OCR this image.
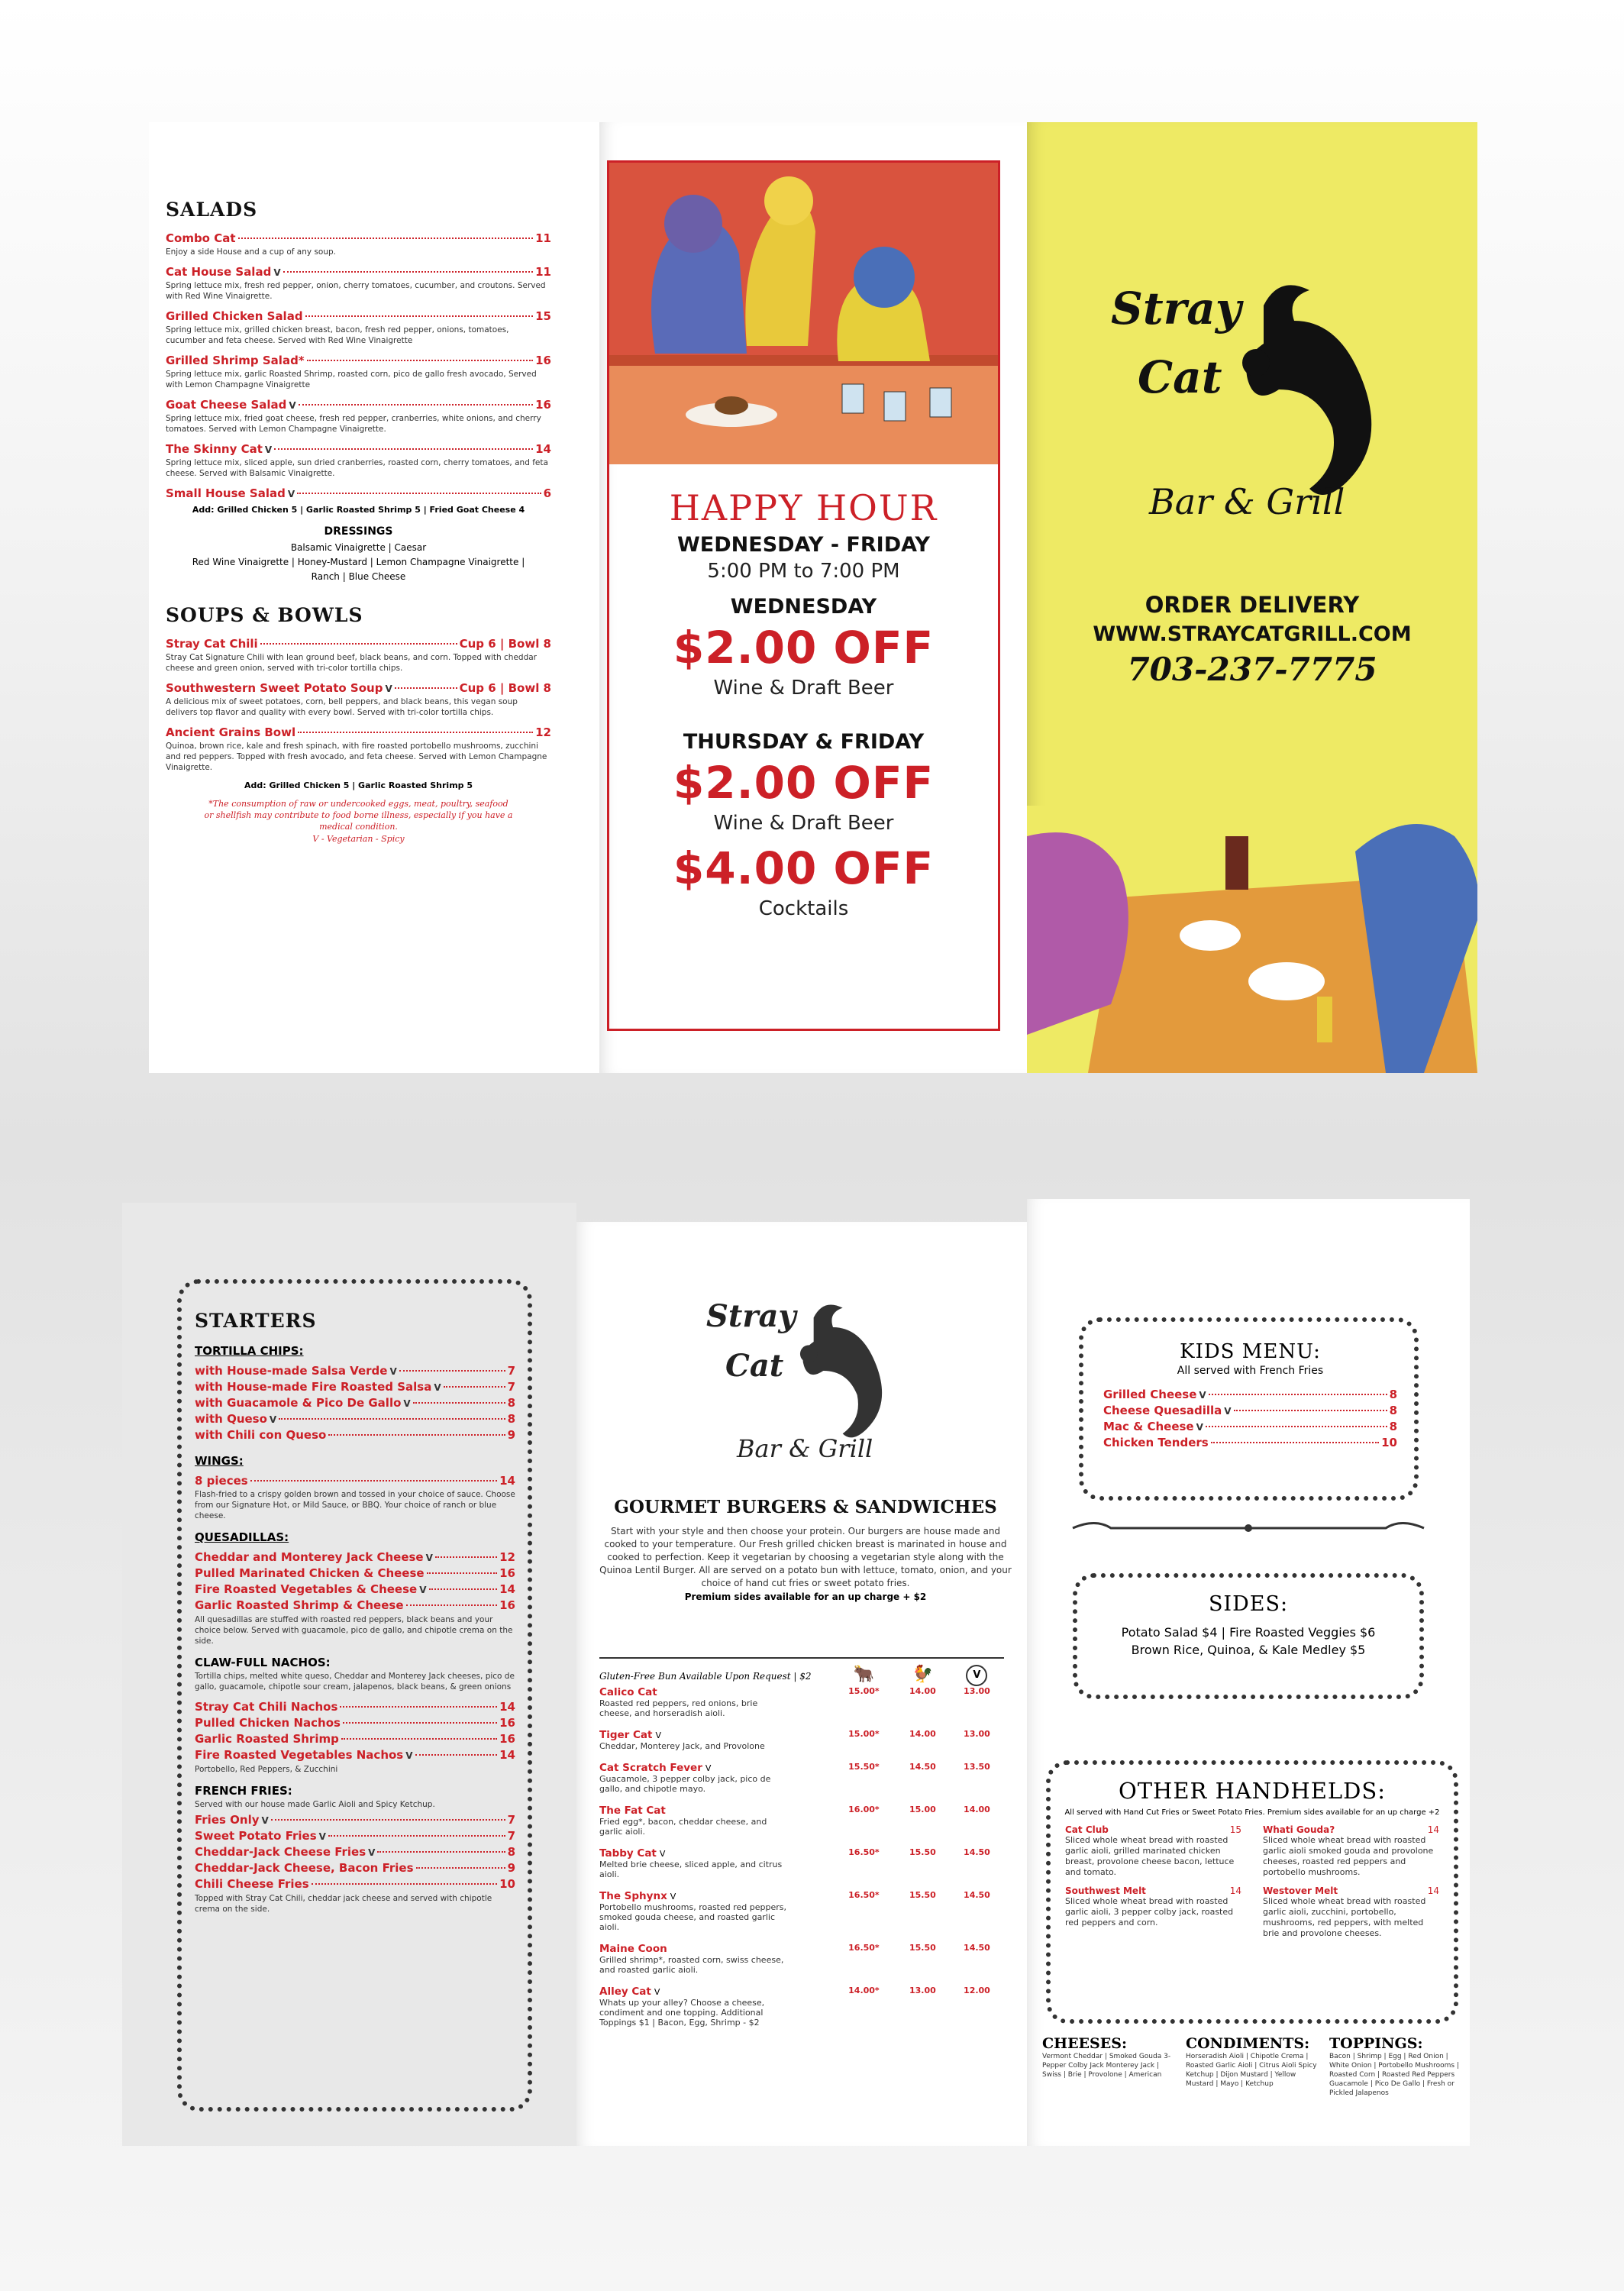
SALADS
Combo Cat	11
Enjoy a side House and a cup of any soup.
Cat House Salad V	11
Spring lettuce mix, fresh red pepper, onion, cherry tomatoes, cucumber, and croutons. Served with Red Wine Vinaigrette.
Grilled Chicken Salad	15
Spring lettuce mix, grilled chicken breast, bacon, fresh red pepper, onions, tomatoes, cucumber and feta cheese. Served with Red Wine Vinaigrette
Grilled Shrimp Salad*	16
Spring lettuce mix, garlic Roasted Shrimp, roasted corn, pico de gallo fresh avocado, Served with Lemon Champagne Vinaigrette
Goat Cheese Salad V	16
Spring lettuce mix, fried goat cheese, fresh red pepper, cranberries, white onions, and cherry tomatoes. Served with Lemon Champagne Vinaigrette.
The Skinny Cat V	14
Spring lettuce mix, sliced apple, sun dried cranberries, roasted corn, cherry tomatoes, and feta cheese. Served with Balsamic Vinaigrette.
Small House Salad V	6
Add: Grilled Chicken 5 | Garlic Roasted Shrimp 5 | Fried Goat Cheese 4
DRESSINGS
Balsamic Vinaigrette | Caesar
Red Wine Vinaigrette | Honey-Mustard | Lemon Champagne Vinaigrette |
Ranch | Blue Cheese
SOUPS & BOWLS
Stray Cat Chili	Cup 6 | Bowl 8
Stray Cat Signature Chili with lean ground beef, black beans, and corn. Topped with cheddar cheese and green onion, served with tri-color tortilla chips.
Southwestern Sweet Potato Soup V	Cup 6 | Bowl 8
A delicious mix of sweet potatoes, corn, bell peppers, and black beans, this vegan soup delivers top flavor and quality with every bowl. Served with tri-color tortilla chips.
Ancient Grains Bowl	12
Quinoa, brown rice, kale and fresh spinach, with fire roasted portobello mushrooms, zucchini and red peppers. Topped with fresh avocado, and feta cheese. Served with Lemon Champagne Vinaigrette.
Add: Grilled Chicken 5 | Garlic Roasted Shrimp 5
*The consumption of raw or undercooked eggs, meat, poultry, seafood or shellfish may contribute to food borne illness, especially if you have a medical condition.
V - Vegetarian - Spicy
HAPPY HOUR
WEDNESDAY - FRIDAY
5:00 PM to 7:00 PM
WEDNESDAY
$2.00 OFF
Wine & Draft Beer
THURSDAY & FRIDAY
$2.00 OFF
Wine & Draft Beer
$4.00 OFF
Cocktails
Stray
Cat
Bar & Grill
ORDER DELIVERY
WWW.STRAYCATGRILL.COM
703-237-7775
STARTERS
TORTILLA CHIPS:
with House-made Salsa Verde V	7
with House-made Fire Roasted Salsa V	7
with Guacamole & Pico De Gallo V	8
with Queso V	8
with Chili con Queso	9
WINGS:
8 pieces	14
Flash-fried to a crispy golden brown and tossed in your choice of sauce. Choose from our Signature Hot, or Mild Sauce, or BBQ. Your choice of ranch or blue cheese.
QUESADILLAS:
Cheddar and Monterey Jack Cheese V	12
Pulled Marinated Chicken & Cheese	16
Fire Roasted Vegetables & Cheese V	14
Garlic Roasted Shrimp & Cheese	16
All quesadillas are stuffed with roasted red peppers, black beans and your choice below. Served with guacamole, pico de gallo, and chipotle crema on the side.
CLAW-FULL NACHOS:
Tortilla chips, melted white queso, Cheddar and Monterey Jack cheeses, pico de gallo, guacamole, chipotle sour cream, jalapenos, black beans, & green onions
Stray Cat Chili Nachos	14
Pulled Chicken Nachos	16
Garlic Roasted Shrimp	16
Fire Roasted Vegetables Nachos V	14
Portobello, Red Peppers, & Zucchini
FRENCH FRIES:
Served with our house made Garlic Aioli and Spicy Ketchup.
Fries Only V	7
Sweet Potato Fries V	7
Cheddar-Jack Cheese Fries V	8
Cheddar-Jack Cheese, Bacon Fries	9
Chili Cheese Fries	10
Topped with Stray Cat Chili, cheddar jack cheese and served with chipotle crema on the side.
Stray
Cat
Bar & Grill
GOURMET BURGERS & SANDWICHES
Start with your style and then choose your protein. Our burgers are house made and cooked to your temperature. Our Fresh grilled chicken breast is marinated in house and cooked to perfection. Keep it vegetarian by choosing a vegetarian style along with the Quinoa Lentil Burger. All are served on a potato bun with lettuce, tomato, onion, and your choice of hand cut fries or sweet potato fries.
Premium sides available for an up charge + $2
Gluten-Free Bun Available Upon Request | $2	🐂	🐓	V
Calico Cat	15.00*	14.00	13.00
Roasted red peppers, red onions, brie cheese, and horseradish aioli.			
Tiger Cat V	15.00*	14.00	13.00
Cheddar, Monterey Jack, and Provolone			
Cat Scratch Fever V	15.50*	14.50	13.50
Guacamole, 3 pepper colby jack, pico de gallo, and chipotle mayo.			
The Fat Cat	16.00*	15.00	14.00
Fried egg*, bacon, cheddar cheese, and garlic aioli.			
Tabby Cat V	16.50*	15.50	14.50
Melted brie cheese, sliced apple, and citrus aioli.			
The Sphynx V	16.50*	15.50	14.50
Portobello mushrooms, roasted red peppers, smoked gouda cheese, and roasted garlic aioli.			
Maine Coon	16.50*	15.50	14.50
Grilled shrimp*, roasted corn, swiss cheese, and roasted garlic aioli.			
Alley Cat V	14.00*	13.00	12.00
Whats up your alley? Choose a cheese, condiment and one topping. Additional Toppings $1 | Bacon, Egg, Shrimp - $2			
KIDS MENU:
All served with French Fries
Grilled Cheese V	8
Cheese Quesadilla V	8
Mac & Cheese V	8
Chicken Tenders	10
SIDES:
Potato Salad $4 | Fire Roasted Veggies $6
Brown Rice, Quinoa, & Kale Medley $5
OTHER HANDHELDS:
All served with Hand Cut Fries or Sweet Potato Fries. Premium sides available for an up charge +2
Cat Club	15
Sliced whole wheat bread with roasted garlic aioli, grilled marinated chicken breast, provolone cheese bacon, lettuce and tomato.
Whati Gouda?	14
Sliced whole wheat bread with roasted garlic aioli smoked gouda and provolone cheeses, roasted red peppers and portobello mushrooms.
Southwest Melt	14
Sliced whole wheat bread with roasted garlic aioli, 3 pepper colby jack, roasted red peppers and corn.
Westover Melt	14
Sliced whole wheat bread with roasted garlic aioli, zucchini, portobello, mushrooms, red peppers, with melted brie and provolone cheeses.
CHEESES:
Vermont Cheddar | Smoked Gouda 3-Pepper Colby Jack Monterey Jack | Swiss | Brie | Provolone | American
CONDIMENTS:
Horseradish Aioli | Chipotle Crema | Roasted Garlic Aioli | Citrus Aioli Spicy Ketchup | Dijon Mustard | Yellow Mustard | Mayo | Ketchup
TOPPINGS:
Bacon | Shrimp | Egg | Red Onion | White Onion | Portobello Mushrooms | Roasted Corn | Roasted Red Peppers Guacamole | Pico De Gallo | Fresh or Pickled Jalapenos
